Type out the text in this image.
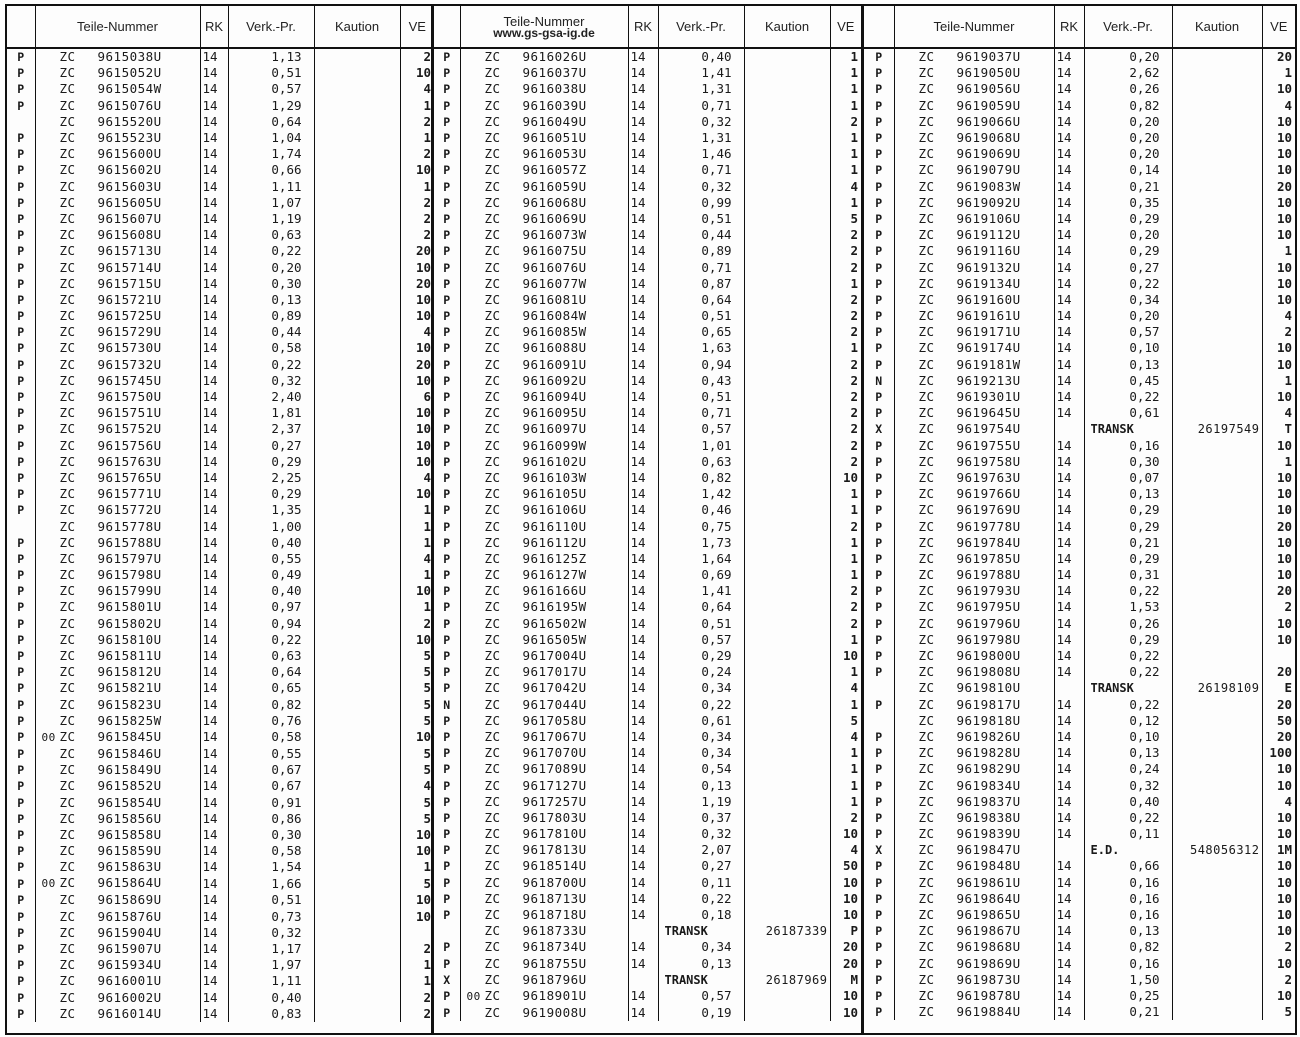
	Teile-Nummer	RK	Verk.-Pr.	Kaution	VE
P	ZC 9615038U	14	1,13		2
P	ZC 9615052U	14	0,51		10
P	ZC 9615054W	14	0,57		4
P	ZC 9615076U	14	1,29		1
	ZC 9615520U	14	0,64		2
P	ZC 9615523U	14	1,04		1
P	ZC 9615600U	14	1,74		2
P	ZC 9615602U	14	0,66		10
P	ZC 9615603U	14	1,11		1
P	ZC 9615605U	14	1,07		2
P	ZC 9615607U	14	1,19		2
P	ZC 9615608U	14	0,63		2
P	ZC 9615713U	14	0,22		20
P	ZC 9615714U	14	0,20		10
P	ZC 9615715U	14	0,30		20
P	ZC 9615721U	14	0,13		10
P	ZC 9615725U	14	0,89		10
P	ZC 9615729U	14	0,44		4
P	ZC 9615730U	14	0,58		10
P	ZC 9615732U	14	0,22		20
P	ZC 9615745U	14	0,32		10
P	ZC 9615750U	14	2,40		6
P	ZC 9615751U	14	1,81		10
P	ZC 9615752U	14	2,37		10
P	ZC 9615756U	14	0,27		10
P	ZC 9615763U	14	0,29		10
P	ZC 9615765U	14	2,25		4
P	ZC 9615771U	14	0,29		10
P	ZC 9615772U	14	1,35		1
	ZC 9615778U	14	1,00		1
P	ZC 9615788U	14	0,40		1
P	ZC 9615797U	14	0,55		4
P	ZC 9615798U	14	0,49		1
P	ZC 9615799U	14	0,40		10
P	ZC 9615801U	14	0,97		1
P	ZC 9615802U	14	0,94		2
P	ZC 9615810U	14	0,22		10
P	ZC 9615811U	14	0,63		5
P	ZC 9615812U	14	0,64		5
P	ZC 9615821U	14	0,65		5
P	ZC 9615823U	14	0,82		5
P	ZC 9615825W	14	0,76		5
P	00 ZC 9615845U	14	0,58		10
P	ZC 9615846U	14	0,55		5
P	ZC 9615849U	14	0,67		5
P	ZC 9615852U	14	0,67		4
P	ZC 9615854U	14	0,91		5
P	ZC 9615856U	14	0,86		5
P	ZC 9615858U	14	0,30		10
P	ZC 9615859U	14	0,58		10
P	ZC 9615863U	14	1,54		1
P	00 ZC 9615864U	14	1,66		5
P	ZC 9615869U	14	0,51		10
P	ZC 9615876U	14	0,73		10
P	ZC 9615904U	14	0,32		
P	ZC 9615907U	14	1,17		2
P	ZC 9615934U	14	1,97		1
P	ZC 9616001U	14	1,11		1
P	ZC 9616002U	14	0,40		2
P	ZC 9616014U	14	0,83		2

	Teile-Nummer
www.gs-gsa-ig.de	RK	Verk.-Pr.	Kaution	VE
P	ZC 9616026U	14	0,40		1
P	ZC 9616037U	14	1,41		1
P	ZC 9616038U	14	1,31		1
P	ZC 9616039U	14	0,71		1
P	ZC 9616049U	14	0,32		2
P	ZC 9616051U	14	1,31		1
P	ZC 9616053U	14	1,46		1
P	ZC 9616057Z	14	0,71		1
P	ZC 9616059U	14	0,32		4
P	ZC 9616068U	14	0,99		1
P	ZC 9616069U	14	0,51		5
P	ZC 9616073W	14	0,44		2
P	ZC 9616075U	14	0,89		2
P	ZC 9616076U	14	0,71		2
P	ZC 9616077W	14	0,87		1
P	ZC 9616081U	14	0,64		2
P	ZC 9616084W	14	0,51		2
P	ZC 9616085W	14	0,65		2
P	ZC 9616088U	14	1,63		1
P	ZC 9616091U	14	0,94		2
P	ZC 9616092U	14	0,43		2
P	ZC 9616094U	14	0,51		2
P	ZC 9616095U	14	0,71		2
P	ZC 9616097U	14	0,57		2
P	ZC 9616099W	14	1,01		2
P	ZC 9616102U	14	0,63		2
P	ZC 9616103W	14	0,82		10
P	ZC 9616105U	14	1,42		1
P	ZC 9616106U	14	0,46		1
P	ZC 9616110U	14	0,75		2
P	ZC 9616112U	14	1,73		1
P	ZC 9616125Z	14	1,64		1
P	ZC 9616127W	14	0,69		1
P	ZC 9616166U	14	1,41		2
P	ZC 9616195W	14	0,64		2
P	ZC 9616502W	14	0,51		2
P	ZC 9616505W	14	0,57		1
P	ZC 9617004U	14	0,29		10
P	ZC 9617017U	14	0,24		1
P	ZC 9617042U	14	0,34		4
N	ZC 9617044U	14	0,22		1
P	ZC 9617058U	14	0,61		5
P	ZC 9617067U	14	0,34		4
P	ZC 9617070U	14	0,34		1
P	ZC 9617089U	14	0,54		1
P	ZC 9617127U	14	0,13		1
P	ZC 9617257U	14	1,19		1
P	ZC 9617803U	14	0,37		2
P	ZC 9617810U	14	0,32		10
P	ZC 9617813U	14	2,07		4
P	ZC 9618514U	14	0,27		50
P	ZC 9618700U	14	0,11		10
P	ZC 9618713U	14	0,22		10
P	ZC 9618718U	14	0,18		10
	ZC 9618733U		TRANSK	26187339	P
P	ZC 9618734U	14	0,34		20
P	ZC 9618755U	14	0,13		20
X	ZC 9618796U		TRANSK	26187969	M
P	00 ZC 9618901U	14	0,57		10
P	ZC 9619008U	14	0,19		10

	Teile-Nummer	RK	Verk.-Pr.	Kaution	VE
P	ZC 9619037U	14	0,20		20
P	ZC 9619050U	14	2,62		1
P	ZC 9619056U	14	0,26		10
P	ZC 9619059U	14	0,82		4
P	ZC 9619066U	14	0,20		10
P	ZC 9619068U	14	0,20		10
P	ZC 9619069U	14	0,20		10
P	ZC 9619079U	14	0,14		10
P	ZC 9619083W	14	0,21		20
P	ZC 9619092U	14	0,35		10
P	ZC 9619106U	14	0,29		10
P	ZC 9619112U	14	0,20		10
P	ZC 9619116U	14	0,29		1
P	ZC 9619132U	14	0,27		10
P	ZC 9619134U	14	0,22		10
P	ZC 9619160U	14	0,34		10
P	ZC 9619161U	14	0,20		4
P	ZC 9619171U	14	0,57		2
P	ZC 9619174U	14	0,10		10
P	ZC 9619181W	14	0,13		10
N	ZC 9619213U	14	0,45		1
P	ZC 9619301U	14	0,22		10
P	ZC 9619645U	14	0,61		4
X	ZC 9619754U		TRANSK	26197549	T
P	ZC 9619755U	14	0,16		10
P	ZC 9619758U	14	0,30		1
P	ZC 9619763U	14	0,07		10
P	ZC 9619766U	14	0,13		10
P	ZC 9619769U	14	0,29		10
P	ZC 9619778U	14	0,29		20
P	ZC 9619784U	14	0,21		10
P	ZC 9619785U	14	0,29		10
P	ZC 9619788U	14	0,31		10
P	ZC 9619793U	14	0,22		20
P	ZC 9619795U	14	1,53		2
P	ZC 9619796U	14	0,26		10
P	ZC 9619798U	14	0,29		10
P	ZC 9619800U	14	0,22		
P	ZC 9619808U	14	0,22		20
	ZC 9619810U		TRANSK	26198109	E
P	ZC 9619817U	14	0,22		20
	ZC 9619818U	14	0,12		50
P	ZC 9619826U	14	0,10		20
P	ZC 9619828U	14	0,13		100
P	ZC 9619829U	14	0,24		10
P	ZC 9619834U	14	0,32		10
P	ZC 9619837U	14	0,40		4
P	ZC 9619838U	14	0,22		10
P	ZC 9619839U	14	0,11		10
X	ZC 9619847U		E.D.	548056312	1M
P	ZC 9619848U	14	0,66		10
P	ZC 9619861U	14	0,16		10
P	ZC 9619864U	14	0,16		10
P	ZC 9619865U	14	0,16		10
P	ZC 9619867U	14	0,13		10
P	ZC 9619868U	14	0,82		2
P	ZC 9619869U	14	0,16		10
P	ZC 9619873U	14	1,50		2
P	ZC 9619878U	14	0,25		10
P	ZC 9619884U	14	0,21		5
